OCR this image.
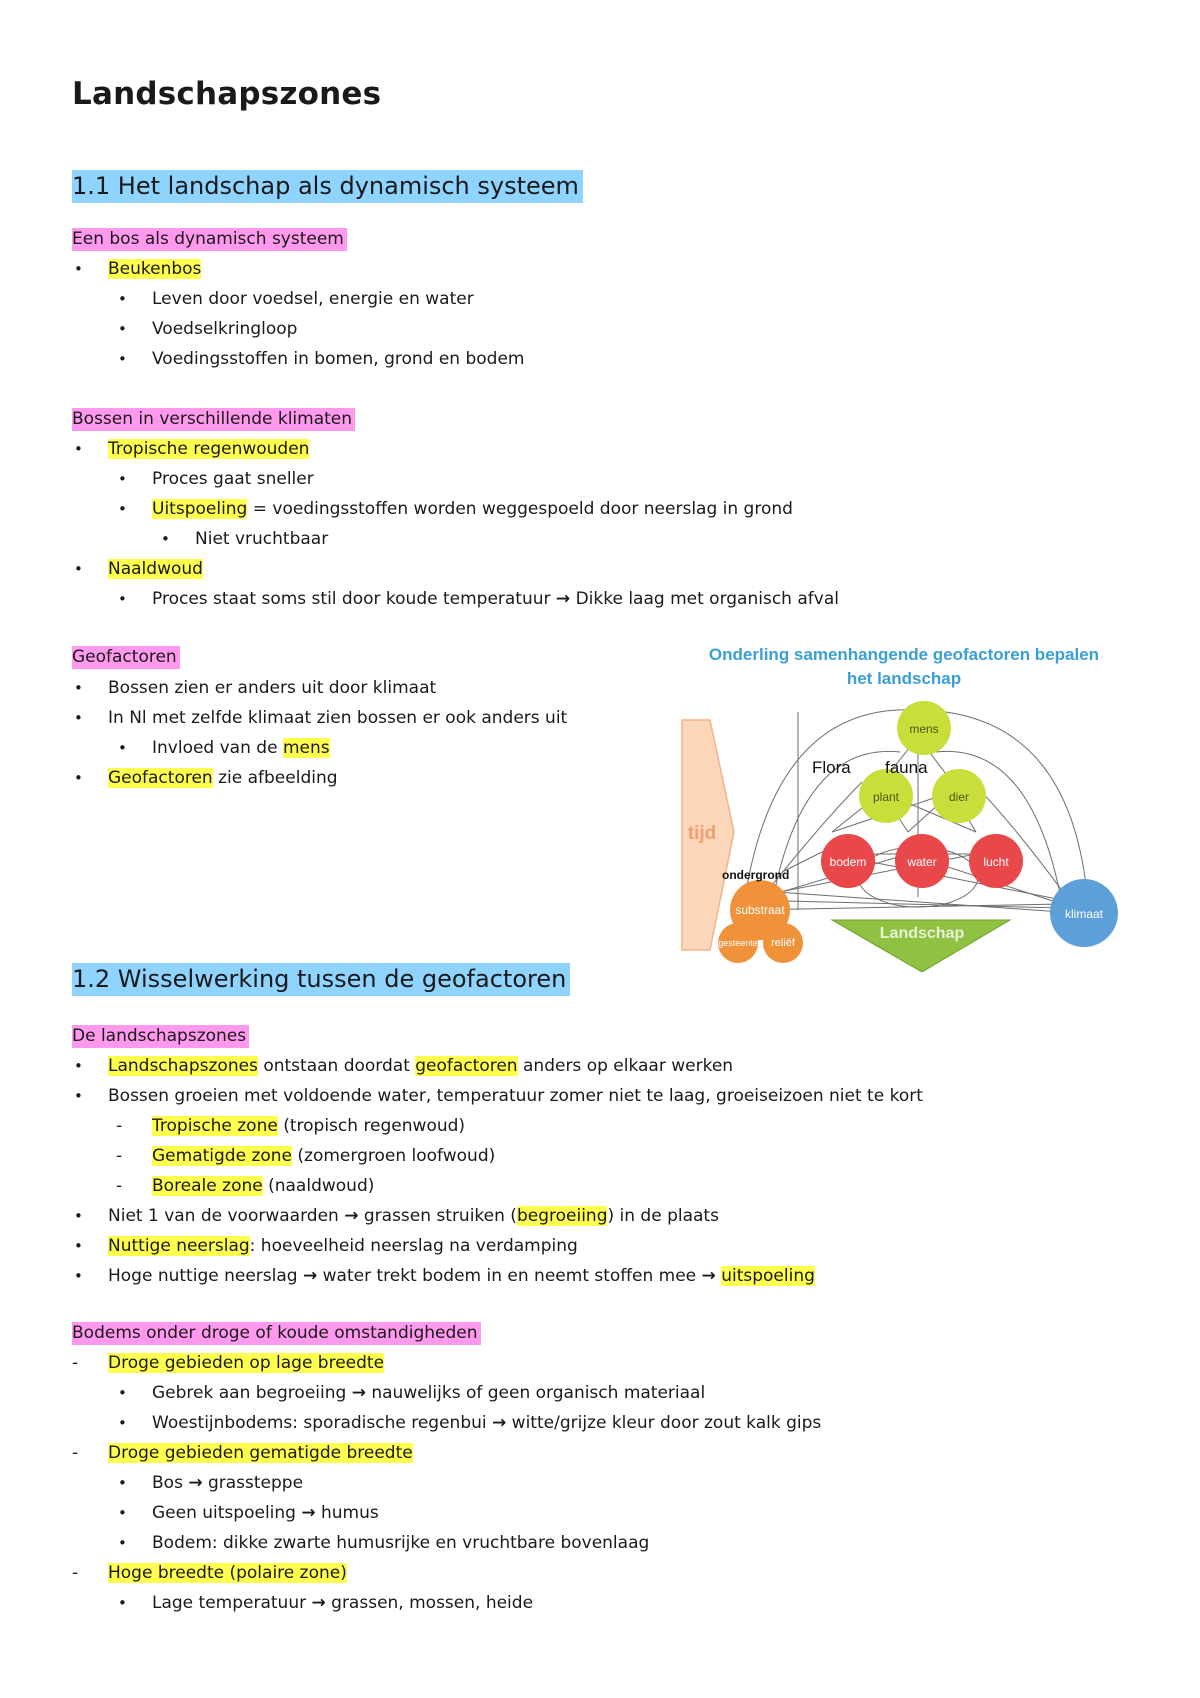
Landschapszones
1.1 Het landschap als dynamisch systeem
Een bos als dynamisch systeem
• Beukenbos
• Leven door voedsel, energie en water
• Voedselkringloop
• Voedingsstoffen in bomen, grond en bodem
Bossen in verschillende klimaten
• Tropische regenwouden
• Proces gaat sneller
• Uitspoeling = voedingsstoffen worden weggespoeld door neerslag in grond
• Niet vruchtbaar
• Naaldwoud
• Proces staat soms stil door koude temperatuur → Dikke laag met organisch afval
Geofactoren
• Bossen zien er anders uit door klimaat
• In Nl met zelfde klimaat zien bossen er ook anders uit
• Invloed van de mens
• Geofactoren zie afbeelding
Onderling samenhangende geofactoren bepalen
het landschap
tijd
Landschap
mens
plant	dier
bodem	water	lucht
substraat
gesteente reliëf
klimaat
Flora fauna
ondergrond
1.2 Wisselwerking tussen de geofactoren
De landschapszones
• Landschapszones ontstaan doordat geofactoren anders op elkaar werken
• Bossen groeien met voldoende water, temperatuur zomer niet te laag, groeiseizoen niet te kort
- Tropische zone (tropisch regenwoud)
- Gematigde zone (zomergroen loofwoud)
- Boreale zone (naaldwoud)
• Niet 1 van de voorwaarden → grassen struiken (begroeiing) in de plaats
• Nuttige neerslag: hoeveelheid neerslag na verdamping
• Hoge nuttige neerslag → water trekt bodem in en neemt stoffen mee → uitspoeling
Bodems onder droge of koude omstandigheden
- Droge gebieden op lage breedte
• Gebrek aan begroeiing → nauwelijks of geen organisch materiaal
• Woestijnbodems: sporadische regenbui → witte/grijze kleur door zout kalk gips
- Droge gebieden gematigde breedte
• Bos → grassteppe
• Geen uitspoeling → humus
• Bodem: dikke zwarte humusrijke en vruchtbare bovenlaag
- Hoge breedte (polaire zone)
• Lage temperatuur → grassen, mossen, heide
